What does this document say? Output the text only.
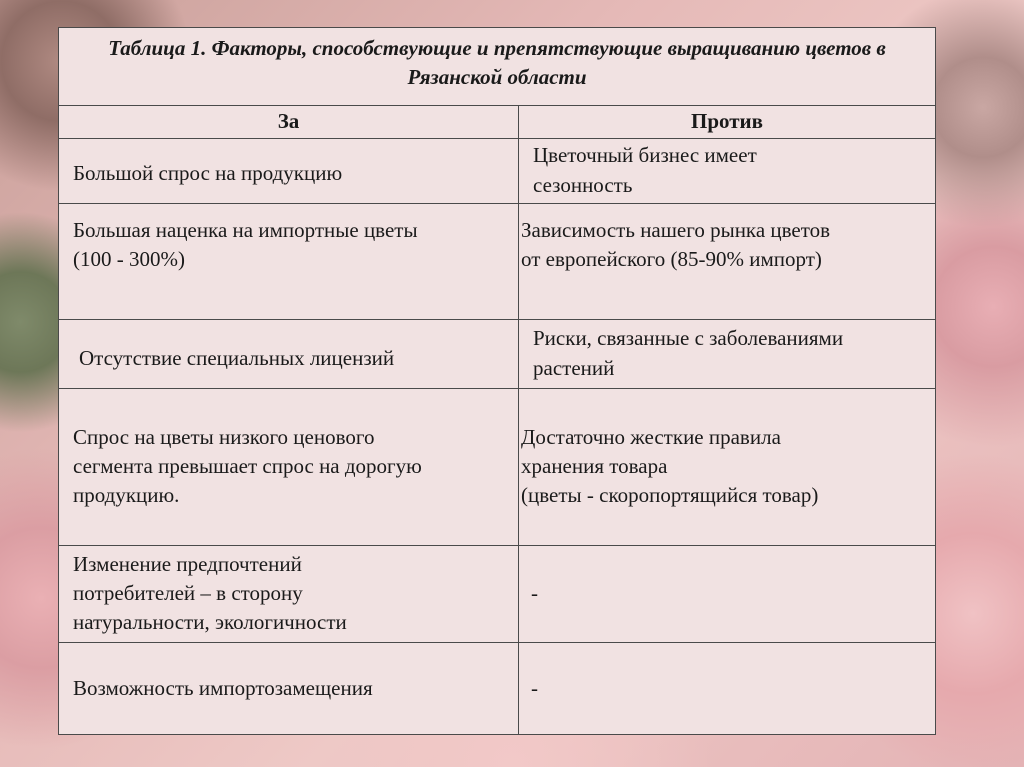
Таблица 1. Факторы, способствующие и препятствующие выращиванию цветов в Рязанской области	
За	Против

Большой спрос на продукцию	Цветочный бизнес имеет
сезонность

Большая наценка на импортные цветы
(100 - 300%)	Зависимость нашего рынка цветов
от европейского (85-90% импорт)

Отсутствие специальных лицензий	Риски, связанные с заболеваниями
растений

Спрос на цветы низкого ценового
сегмента превышает спрос на дорогую
продукцию.	Достаточно жесткие правила
хранения товара
(цветы - скоропортящийся товар)

Изменение предпочтений
потребителей – в сторону
натуральности, экологичности	-

Возможность импортозамещения	-
